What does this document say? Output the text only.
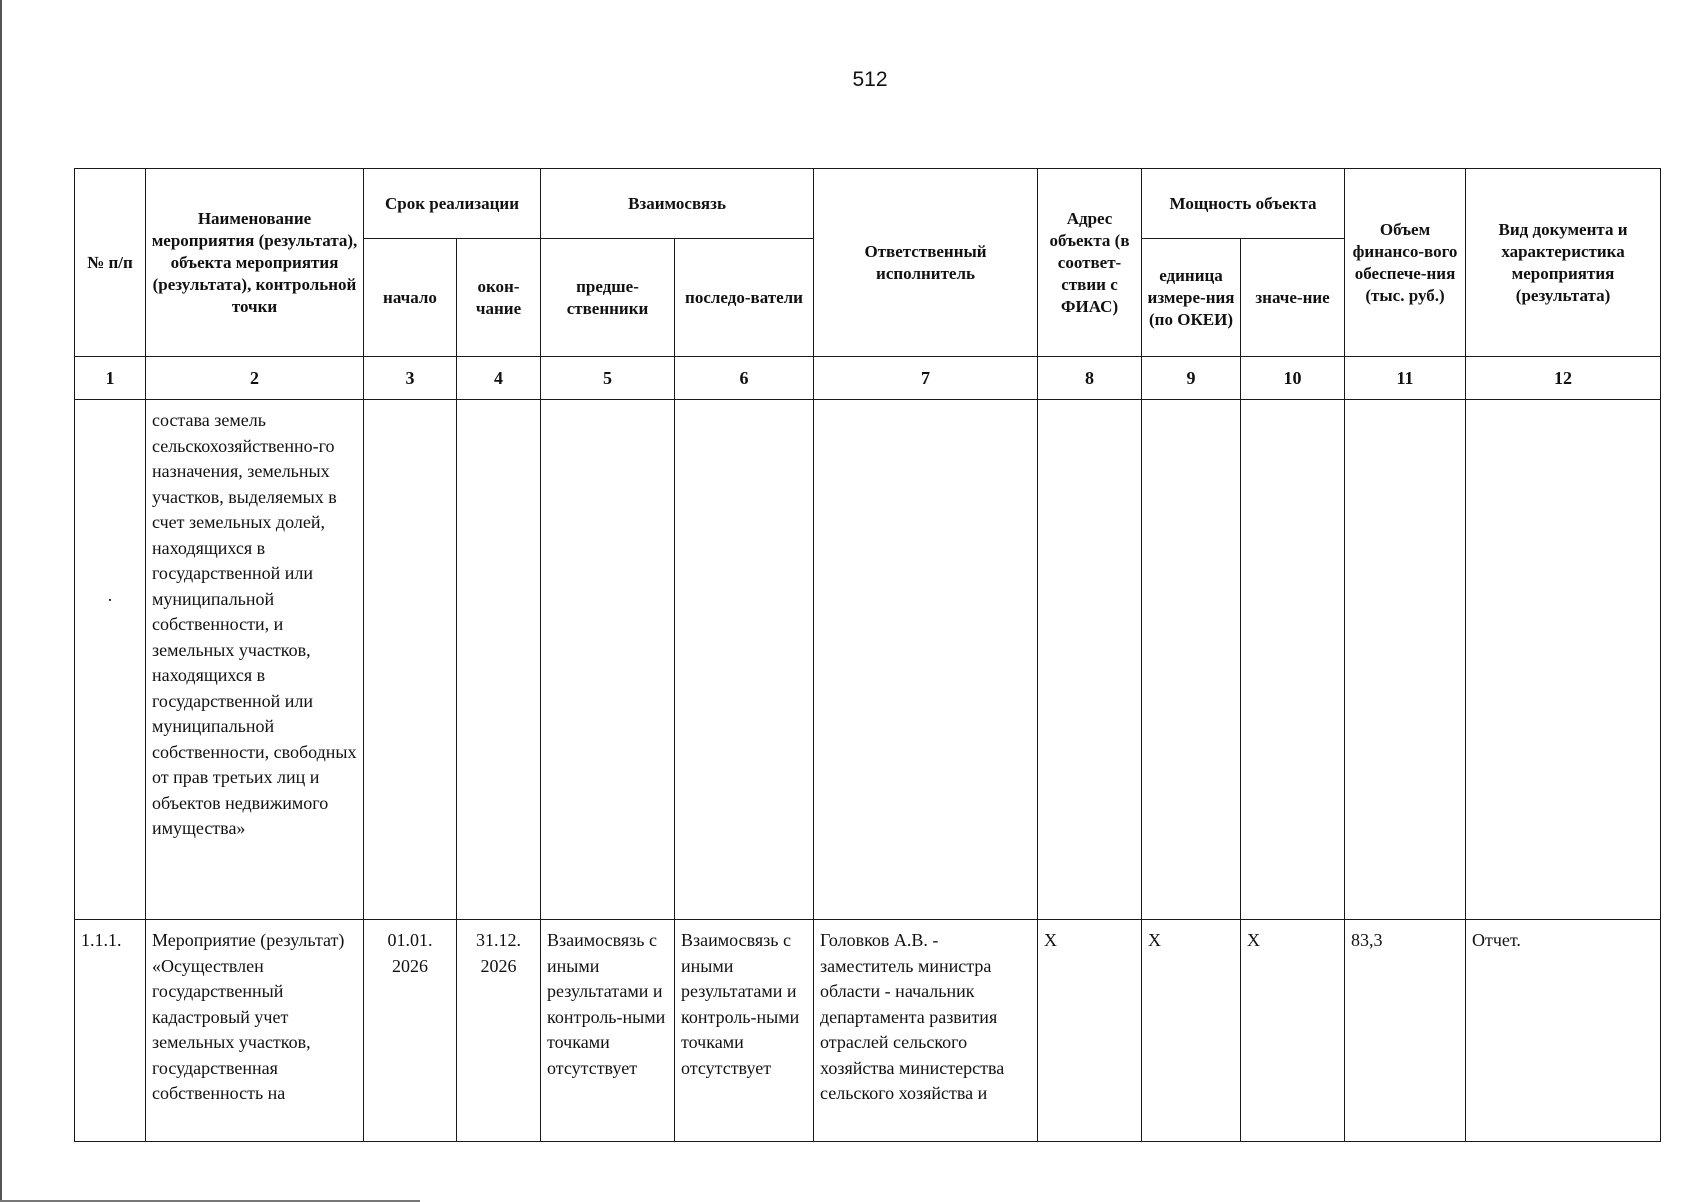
512
№ п/п	Наименование мероприятия (результата), объекта мероприятия (результата), контрольной точки	Срок реализации		Взаимосвязь		Ответственный исполнитель	Адрес объекта (в соответ-ствии с ФИАС)	Мощность объекта		Объем финансо-вого обеспече-ния (тыс. руб.)	Вид документа и характеристика мероприятия (результата)
		начало	окон-чание	предше-ственники	последо-ватели			единица измере-ния (по ОКЕИ)	значе-ние		
1	2	3	4	5	6	7	8	9	10	11	12

.	состава земель сельскохозяйственно-го назначения, земельных участков, выделяемых в счет земельных долей, находящихся в государственной или муниципальной собственности, и земельных участков, находящихся в государственной или муниципальной собственности, свободных от прав третьих лиц и объектов недвижимого имущества»										
1.1.1.	Мероприятие (результат) «Осуществлен государственный кадастровый учет земельных участков, государственная собственность на	01.01. 2026	31.12. 2026	Взаимосвязь с иными результатами и контроль-ными точками отсутствует	Взаимосвязь с иными результатами и контроль-ными точками отсутствует	Головков А.В. - заместитель министра области - начальник департамента развития отраслей сельского хозяйства министерства сельского хозяйства и	X	X	X	83,3	Отчет.
